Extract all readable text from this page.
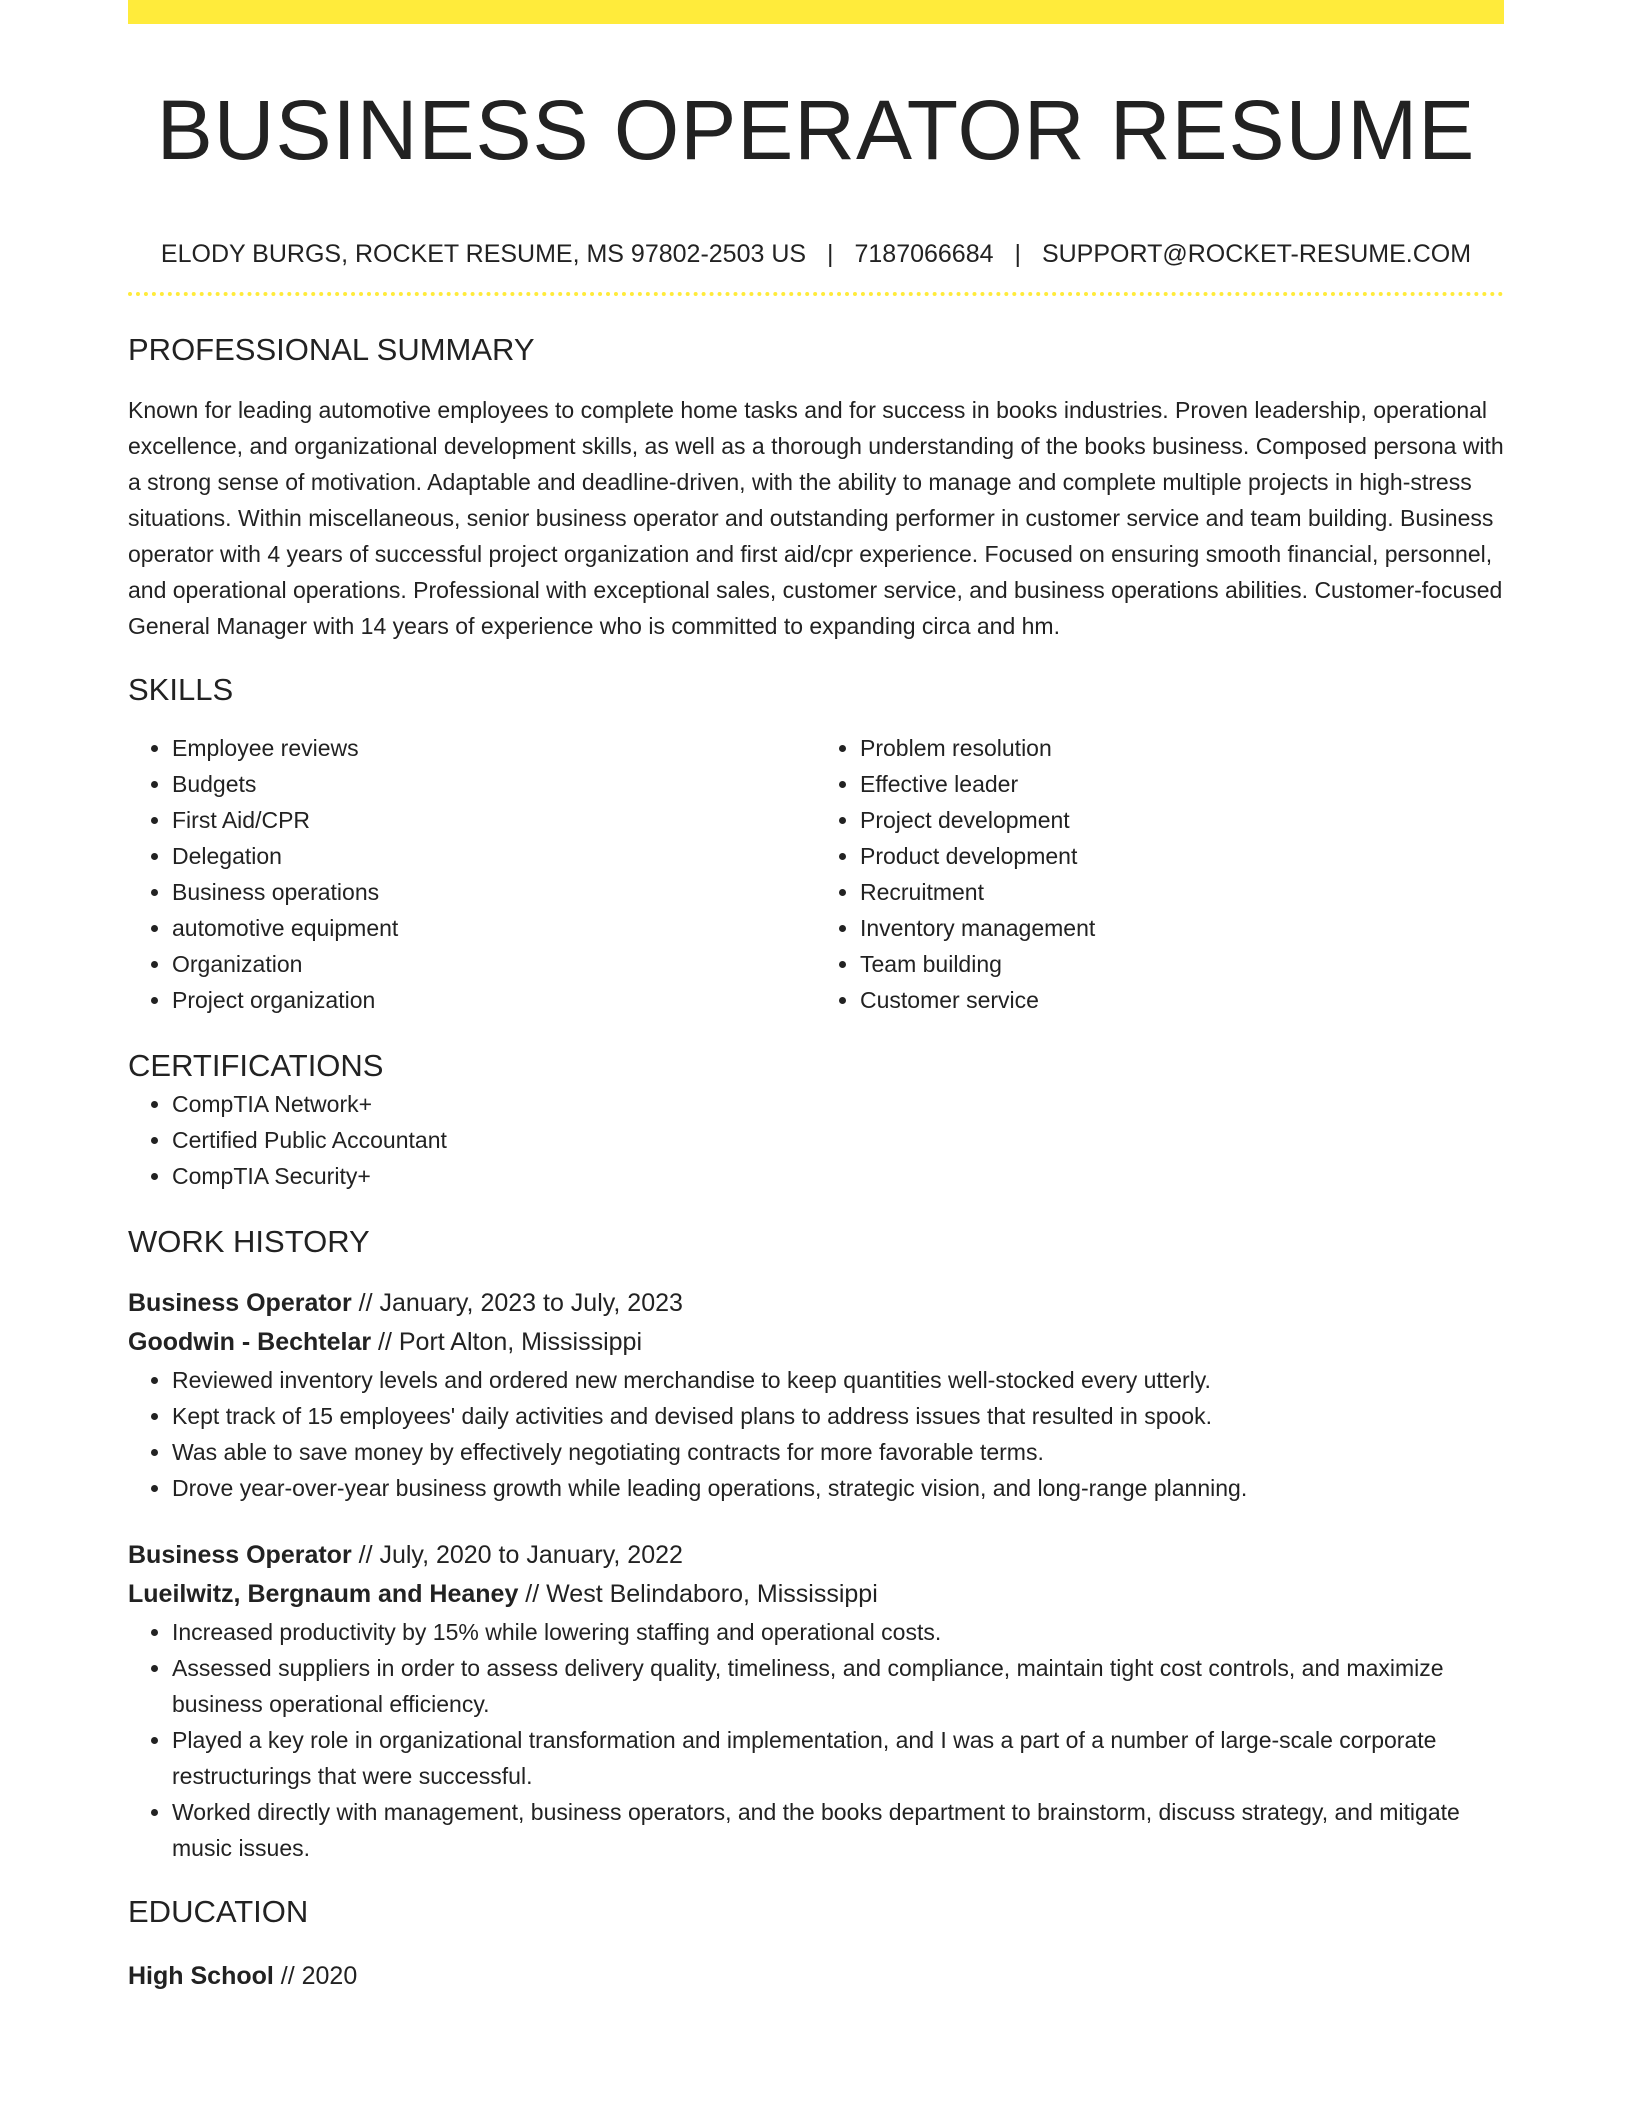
BUSINESS OPERATOR RESUME
ELODY BURGS, ROCKET RESUME, MS 97802-2503 US | 7187066684 | SUPPORT@ROCKET-RESUME.COM
PROFESSIONAL SUMMARY

Known for leading automotive employees to complete home tasks and for success in books industries. Proven leadership, operational excellence, and organizational development skills, as well as a thorough understanding of the books business. Composed persona with a strong sense of motivation. Adaptable and deadline-driven, with the ability to manage and complete multiple projects in high-stress situations. Within miscellaneous, senior business operator and outstanding performer in customer service and team building. Business operator with 4 years of successful project organization and first aid/cpr experience. Focused on ensuring smooth financial, personnel, and operational operations. Professional with exceptional sales, customer service, and business operations abilities. Customer-focused General Manager with 14 years of experience who is committed to expanding circa and hm.

SKILLS
• Employee reviews
• Budgets
• First Aid/CPR
• Delegation
• Business operations
• automotive equipment
• Organization
• Project organization
• Problem resolution
• Effective leader
• Project development
• Product development
• Recruitment
• Inventory management
• Team building
• Customer service
CERTIFICATIONS
• CompTIA Network+
• Certified Public Accountant
• CompTIA Security+
WORK HISTORY
Business Operator // January, 2023 to July, 2023
Goodwin - Bechtelar // Port Alton, Mississippi
• Reviewed inventory levels and ordered new merchandise to keep quantities well-stocked every utterly.
• Kept track of 15 employees' daily activities and devised plans to address issues that resulted in spook.
• Was able to save money by effectively negotiating contracts for more favorable terms.
• Drove year-over-year business growth while leading operations, strategic vision, and long-range planning.
Business Operator // July, 2020 to January, 2022
Lueilwitz, Bergnaum and Heaney // West Belindaboro, Mississippi
• Increased productivity by 15% while lowering staffing and operational costs.
• Assessed suppliers in order to assess delivery quality, timeliness, and compliance, maintain tight cost controls, and maximize business operational efficiency.
• Played a key role in organizational transformation and implementation, and I was a part of a number of large-scale corporate restructurings that were successful.
• Worked directly with management, business operators, and the books department to brainstorm, discuss strategy, and mitigate music issues.
EDUCATION
High School // 2020
